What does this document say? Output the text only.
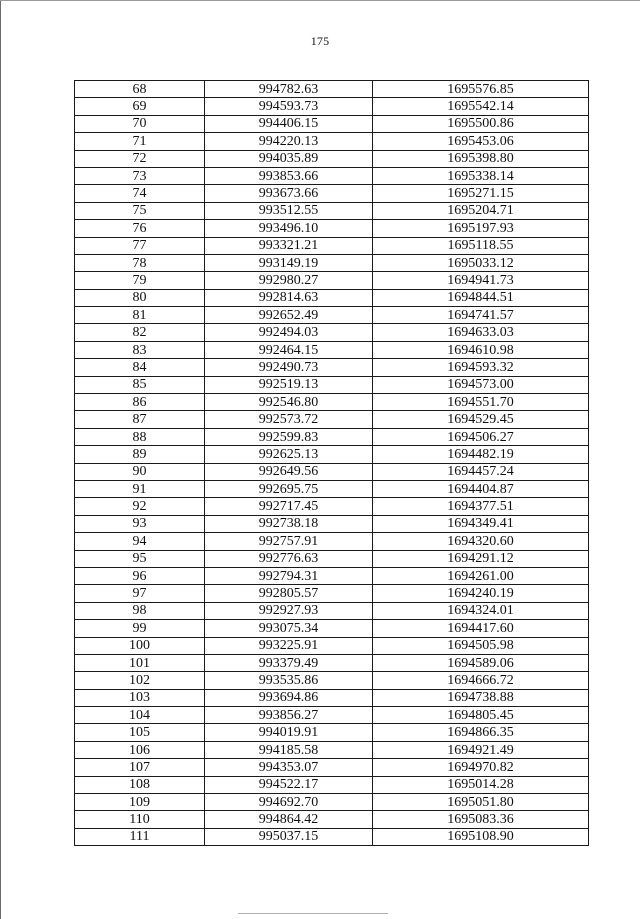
175
68	994782.63	1695576.85
69	994593.73	1695542.14
70	994406.15	1695500.86
71	994220.13	1695453.06
72	994035.89	1695398.80
73	993853.66	1695338.14
74	993673.66	1695271.15
75	993512.55	1695204.71
76	993496.10	1695197.93
77	993321.21	1695118.55
78	993149.19	1695033.12
79	992980.27	1694941.73
80	992814.63	1694844.51
81	992652.49	1694741.57
82	992494.03	1694633.03
83	992464.15	1694610.98
84	992490.73	1694593.32
85	992519.13	1694573.00
86	992546.80	1694551.70
87	992573.72	1694529.45
88	992599.83	1694506.27
89	992625.13	1694482.19
90	992649.56	1694457.24
91	992695.75	1694404.87
92	992717.45	1694377.51
93	992738.18	1694349.41
94	992757.91	1694320.60
95	992776.63	1694291.12
96	992794.31	1694261.00
97	992805.57	1694240.19
98	992927.93	1694324.01
99	993075.34	1694417.60
100	993225.91	1694505.98
101	993379.49	1694589.06
102	993535.86	1694666.72
103	993694.86	1694738.88
104	993856.27	1694805.45
105	994019.91	1694866.35
106	994185.58	1694921.49
107	994353.07	1694970.82
108	994522.17	1695014.28
109	994692.70	1695051.80
110	994864.42	1695083.36
111	995037.15	1695108.90
